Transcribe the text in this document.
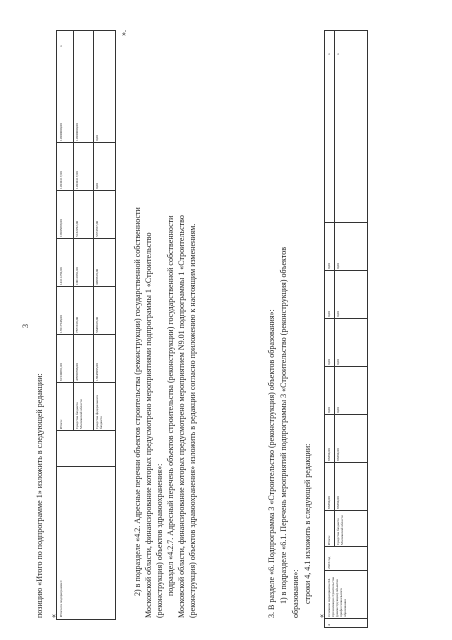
3
позицию «Итого по подпрограмме 1» изложить в следующей редакции: « Итого по подпрограмме I
Итого:
61534691,00
13517548,00
14111259,00
10505699,00
12034117,00
12000000,00
х
Средства бюджета Московской области
47690706,00
7871916,00
10611681,00
5132292,00
12034117,00
12000000,00
Средства федерального бюджета
13843985,00
5646019,00
3499618,00
5373357,00
0,00
0,00
».
2) в подразделе «4.2. Адресные перечни объектов строительства (реконструкции) государственной собственности Московской области, финансирование которых предусмотрено мероприятиями подпрограммы 1 «Строительство (реконструкция) объектов здравоохранения»: подраздел «4.2.7. Адресный перечень объектов строительства (реконструкции) государственной собственности Московской области, финансирование которых предусмотрено мероприятием N9.01 подпрограммы 1 «Строительство (реконструкция) объектов здравоохранения» изложить в редакции согласно приложению к настоящим изменениям.	3. В разделе «6. Подпрограмма 3 «Строительство (реконструкция) объектов образования»: 1) в подразделе «6.1. Перечень мероприятий подпрограммы 3 «Строительство (реконструкция) объектов образования»: строки 4, 4.1 изложить в следующей редакции:
«
4
Основное мероприятие 04. Организация строительства (реконструкции) объектов профессионального образования
2023 год
Итого:
66394,00
66394,00
0,00
0,00
0,00
0,00
х
Средства бюджета Московской области
66394,00
66394,00
0,00
0,00
0,00
0,00
х
